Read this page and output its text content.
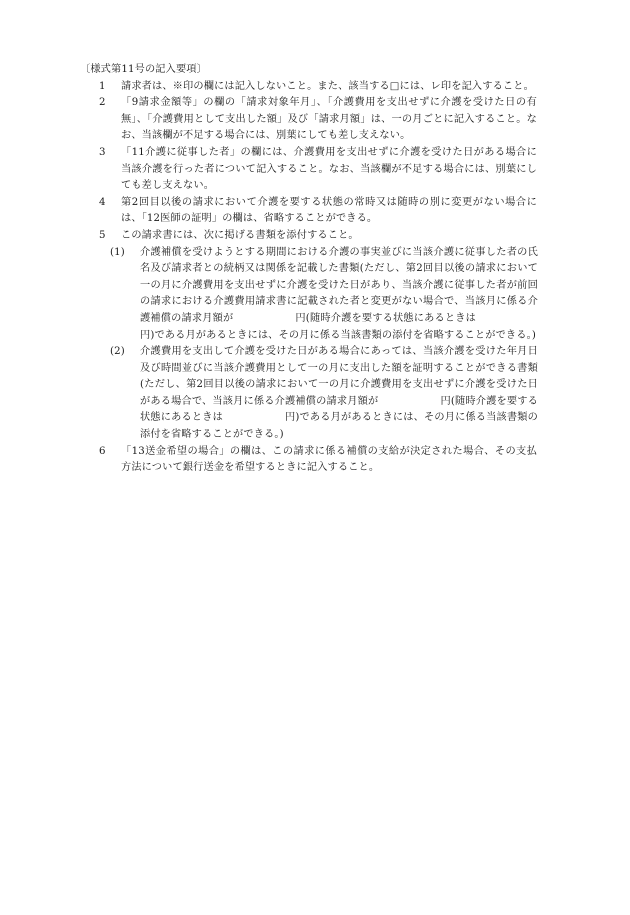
〔様式第11号の記入要項〕
1	請求者は、※印の欄には記入しないこと。また、該当する□には、レ印を記入すること。
2	「9請求金額等」の欄の「請求対象年月」、「介護費用を支出せずに介護を受けた日の有無」、「介護費用として支出した額」及び「請求月額」は、一の月ごとに記入すること。なお、当該欄が不足する場合には、別葉にしても差し支えない。
3	「11介護に従事した者」の欄には、介護費用を支出せずに介護を受けた日がある場合に当該介護を行った者について記入すること。なお、当該欄が不足する場合には、別葉にしても差し支えない。
4	第2回目以後の請求において介護を要する状態の常時又は随時の別に変更がない場合には、「12医師の証明」の欄は、省略することができる。
5	この請求書には、次に掲げる書類を添付すること。
(1)	介護補償を受けようとする期間における介護の事実並びに当該介護に従事した者の氏名及び請求者との続柄又は関係を記載した書類(ただし、第2回目以後の請求において一の月に介護費用を支出せずに介護を受けた日があり、当該介護に従事した者が前回の請求における介護費用請求書に記載された者と変更がない場合で、当該月に係る介護補償の請求月額が	円(随時介護を要する状態にあるときは円)である月があるときには、その月に係る当該書類の添付を省略することができる。)
(2)	介護費用を支出して介護を受けた日がある場合にあっては、当該介護を受けた年月日及び時間並びに当該介護費用として一の月に支出した額を証明することができる書類(ただし、第2回目以後の請求において一の月に介護費用を支出せずに介護を受けた日がある場合で、当該月に係る介護補償の請求月額が	円(随時介護を要する状態にあるときは	円)である月があるときには、その月に係る当該書類の添付を省略することができる。)
6	「13送金希望の場合」の欄は、この請求に係る補償の支給が決定された場合、その支払方法について銀行送金を希望するときに記入すること。
